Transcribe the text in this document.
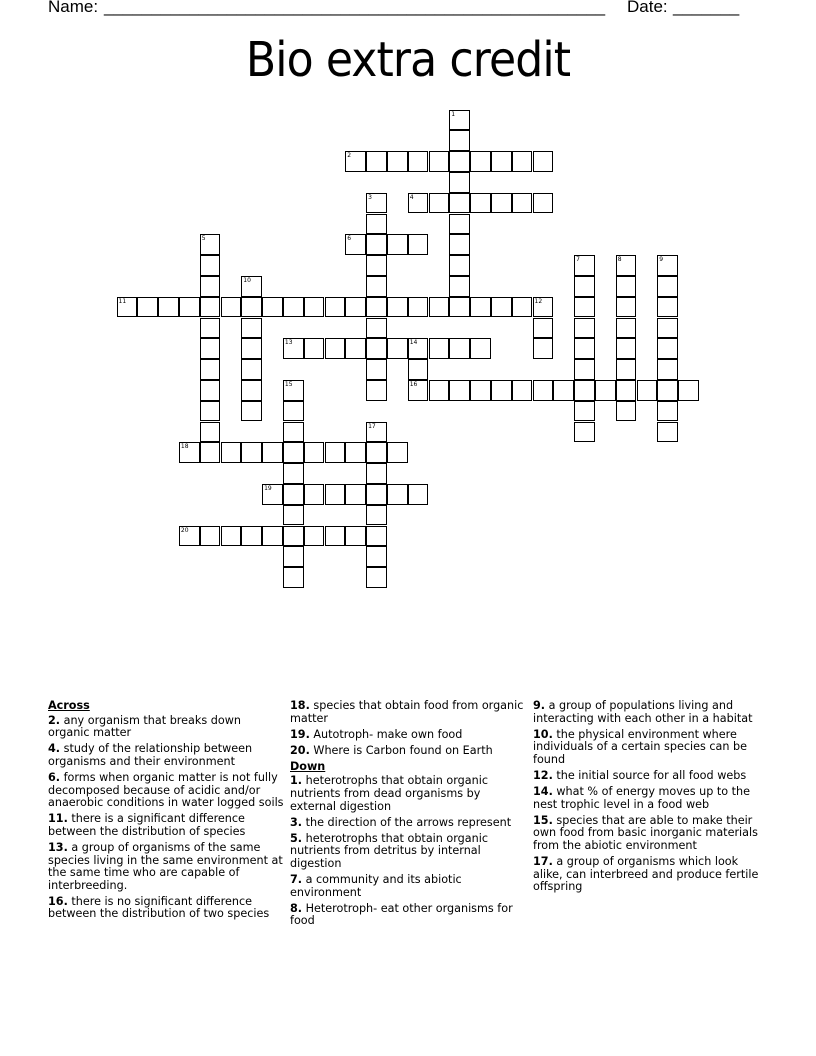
Name: _____________________________________________________ Date: _______
Bio extra credit
1
2
3	4
5	6
7	8	9
10
11	12
13	14
16
15
17
18
19
20
Across
2. any organism that breaks down organic matter
4. study of the relationship between organisms and their environment
6. forms when organic matter is not fully decomposed because of acidic and/or anaerobic conditions in water logged soils
11. there is a significant difference between the distribution of species
13. a group of organisms of the same species living in the same environment at the same time who are capable of interbreeding.
16. there is no significant difference between the distribution of two species
18. species that obtain food from organic matter
19. Autotroph- make own food
20. Where is Carbon found on Earth
Down
1. heterotrophs that obtain organic nutrients from dead organisms by external digestion
3. the direction of the arrows represent
5. heterotrophs that obtain organic nutrients from detritus by internal digestion
7. a community and its abiotic environment
8. Heterotroph- eat other organisms for food
9. a group of populations living and interacting with each other in a habitat
10. the physical environment where individuals of a certain species can be found
12. the initial source for all food webs
14. what % of energy moves up to the nest trophic level in a food web
15. species that are able to make their own food from basic inorganic materials from the abiotic environment
17. a group of organisms which look alike, can interbreed and produce fertile offspring
